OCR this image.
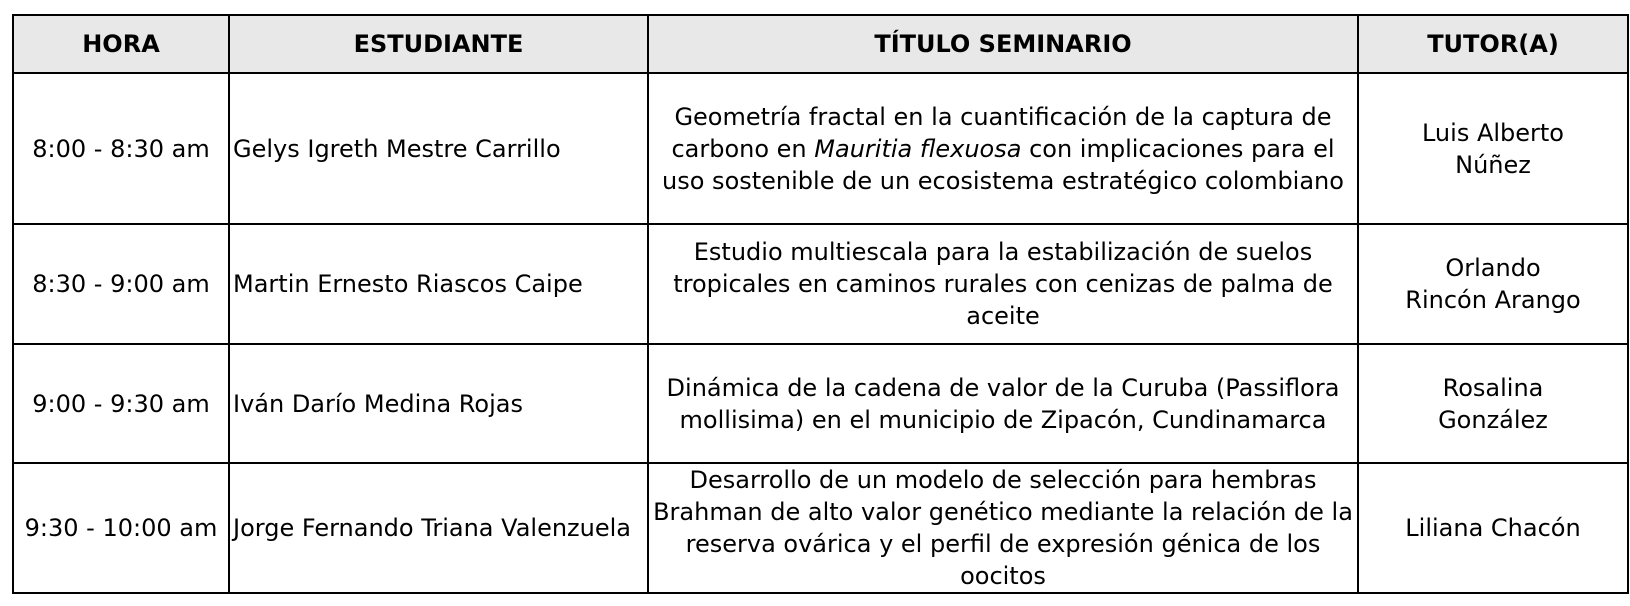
HORA	ESTUDIANTE	TÍTULO SEMINARIO	TUTOR(A)
8:00 - 8:30 am	Gelys Igreth Mestre Carrillo	Geometría fractal en la cuantificación de la captura de carbono en Mauritia flexuosa con implicaciones para el uso sostenible de un ecosistema estratégico colombiano	Luis Alberto
Núñez

8:30 - 9:00 am	Martin Ernesto Riascos Caipe	Estudio multiescala para la estabilización de suelos tropicales en caminos rurales con cenizas de palma de aceite	Orlando
Rincón Arango

9:00 - 9:30 am	Iván Darío Medina Rojas	Dinámica de la cadena de valor de la Curuba (Passiflora mollisima) en el municipio de Zipacón, Cundinamarca	Rosalina
González

9:30 - 10:00 am	Jorge Fernando Triana Valenzuela	Desarrollo de un modelo de selección para hembras Brahman de alto valor genético mediante la relación de la reserva ovárica y el perfil de expresión génica de los oocitos	Liliana Chacón
